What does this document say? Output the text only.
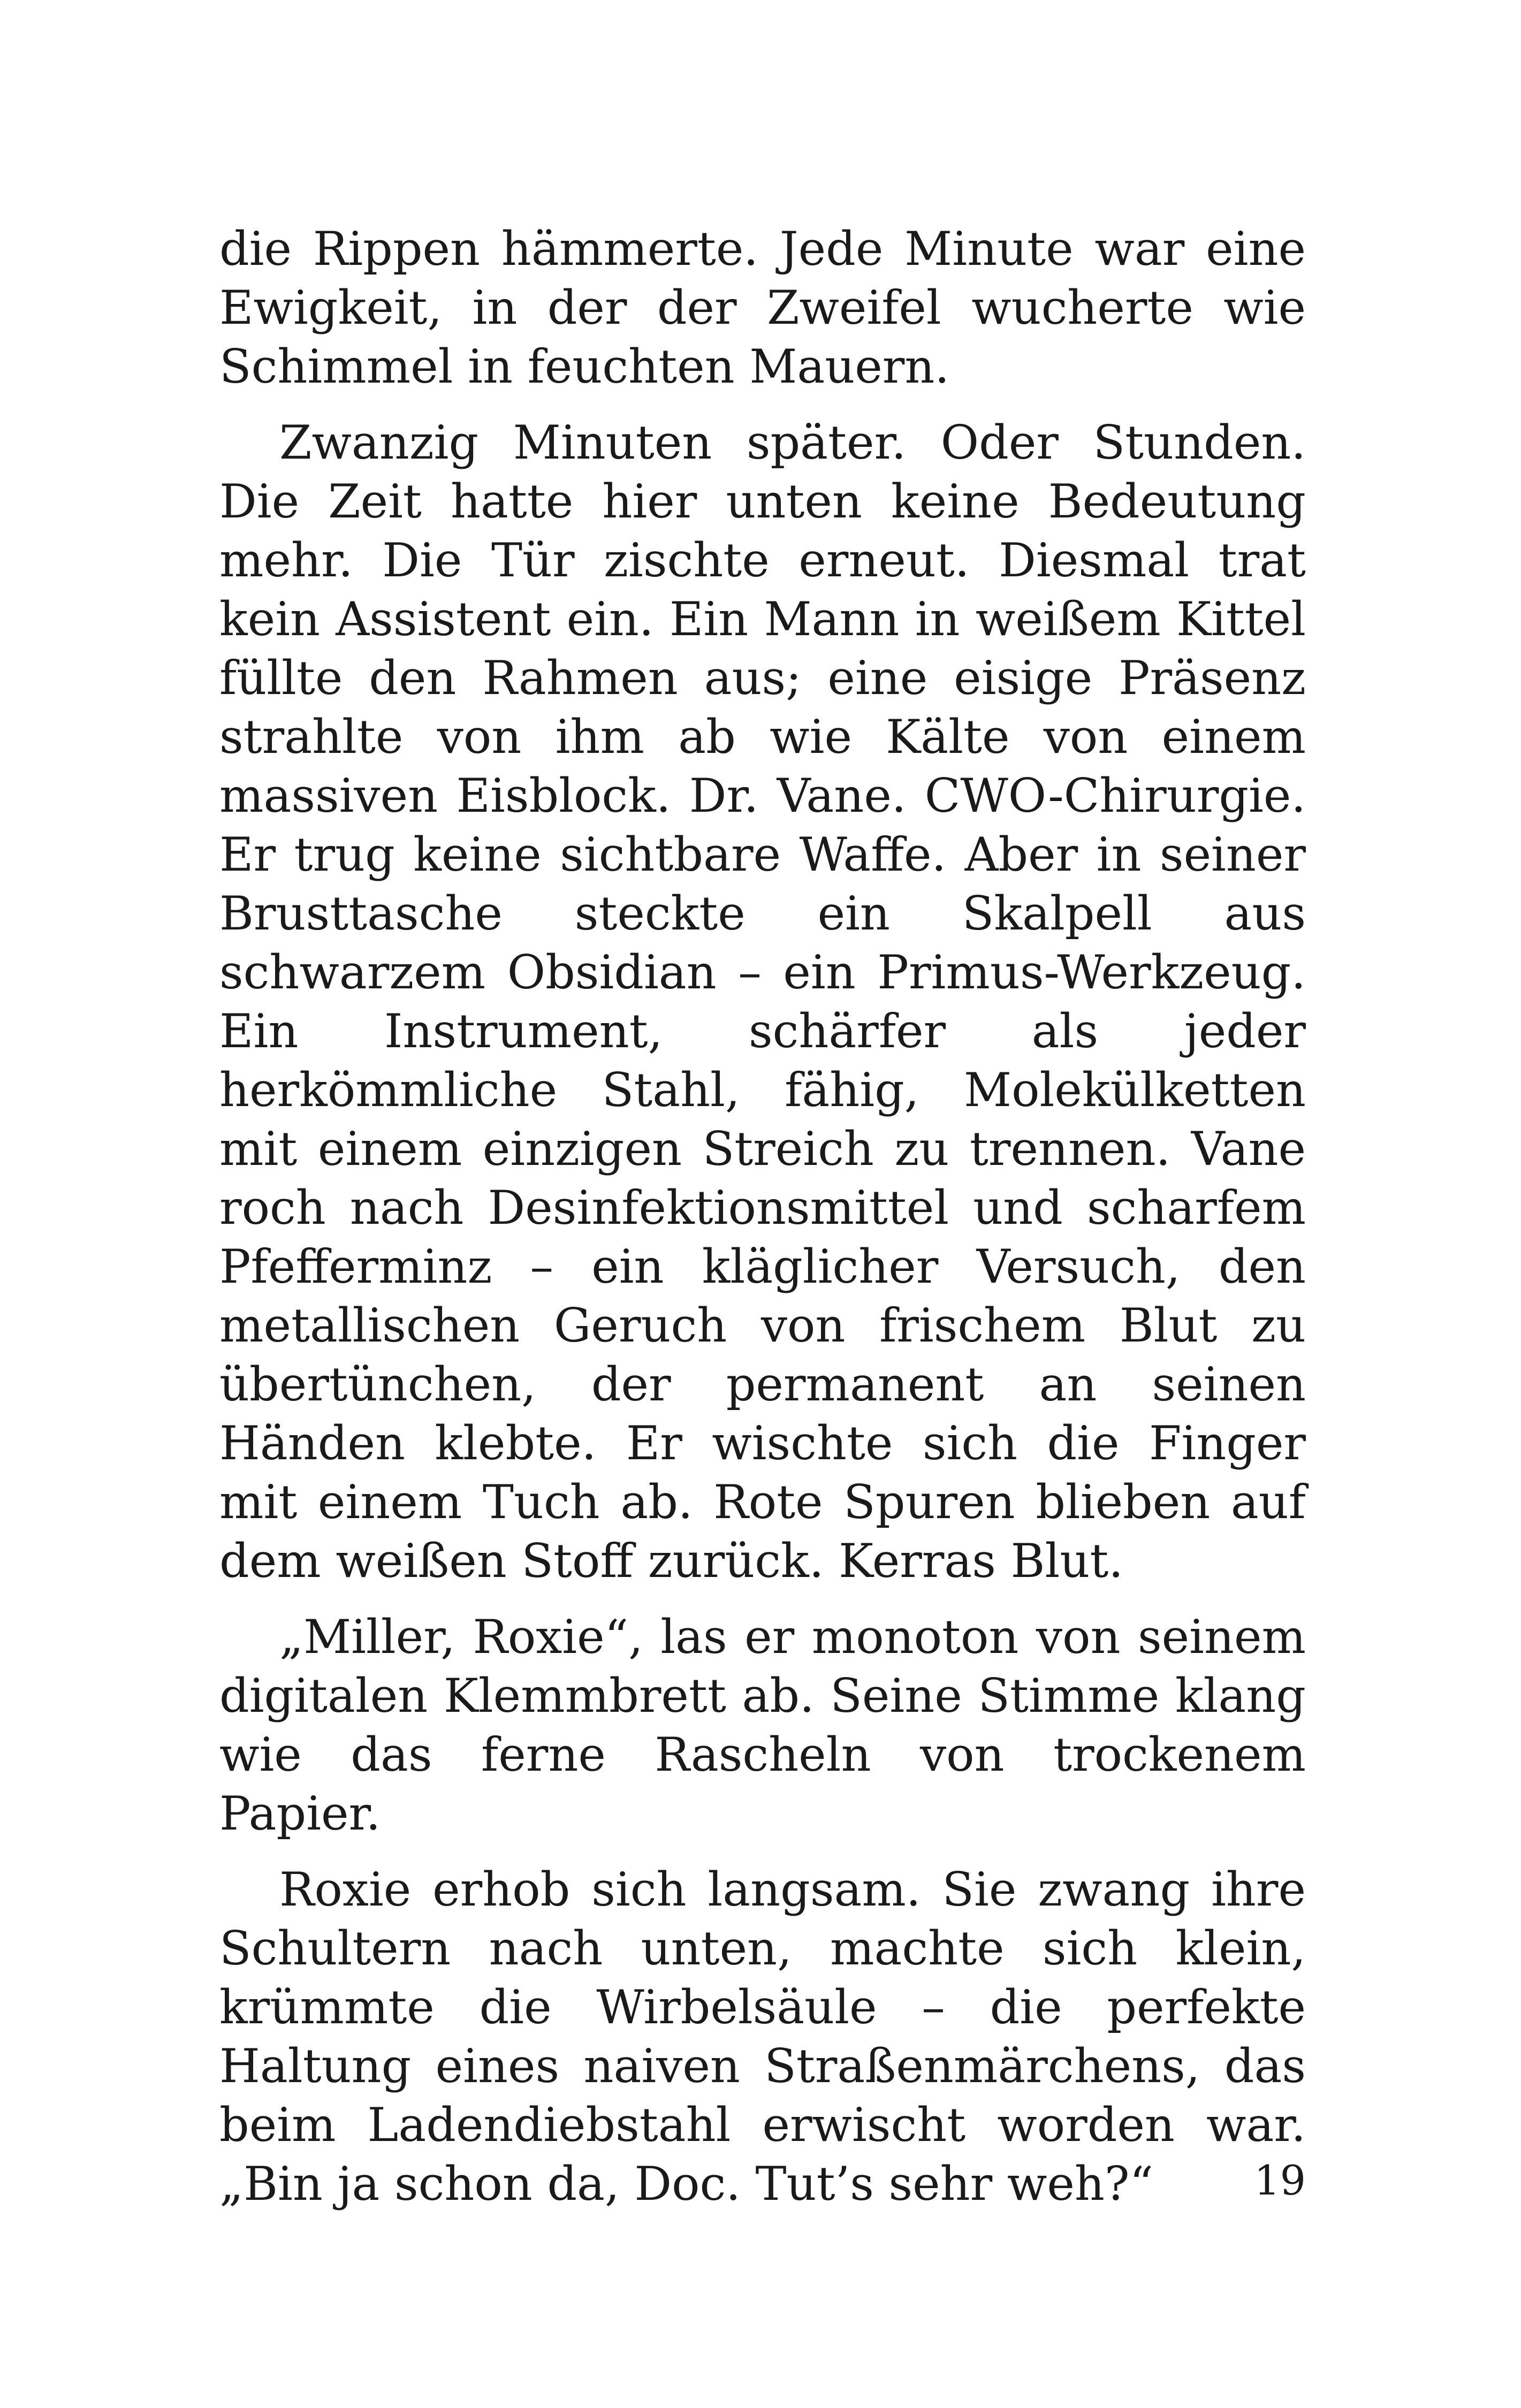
die Rippen hämmerte. Jede Minute war eine Ewigkeit, in der der Zweifel wucherte wie Schimmel in feuchten Mauern.

Zwanzig Minuten später. Oder Stunden. Die Zeit hatte hier unten keine Bedeutung mehr. Die Tür zischte erneut. Diesmal trat kein Assistent ein. Ein Mann in weißem Kittel füllte den Rahmen aus; eine eisige Präsenz strahlte von ihm ab wie Kälte von einem massiven Eisblock. Dr. Vane. CWO-Chirurgie. Er trug keine sichtbare Waffe. Aber in seiner Brusttasche steckte ein Skalpell aus schwarzem Obsidian – ein Primus-Werkzeug. Ein Instrument, schärfer als jeder herkömmliche Stahl, fähig, Molekülketten mit einem einzigen Streich zu trennen. Vane roch nach Desinfektionsmittel und scharfem Pfefferminz – ein kläglicher Versuch, den metallischen Geruch von frischem Blut zu übertünchen, der permanent an seinen Händen klebte. Er wischte sich die Finger mit einem Tuch ab. Rote Spuren blieben auf dem weißen Stoff zurück. Kerras Blut.

„Miller, Roxie“, las er monoton von seinem digitalen Klemmbrett ab. Seine Stimme klang wie das ferne Rascheln von trockenem Papier.

Roxie erhob sich langsam. Sie zwang ihre Schultern nach unten, machte sich klein, krümmte die Wirbelsäule – die perfekte Haltung eines naiven Straßenmärchens, das beim Ladendiebstahl erwischt worden war. „Bin ja schon da, Doc. Tut’s sehr weh?“	19
